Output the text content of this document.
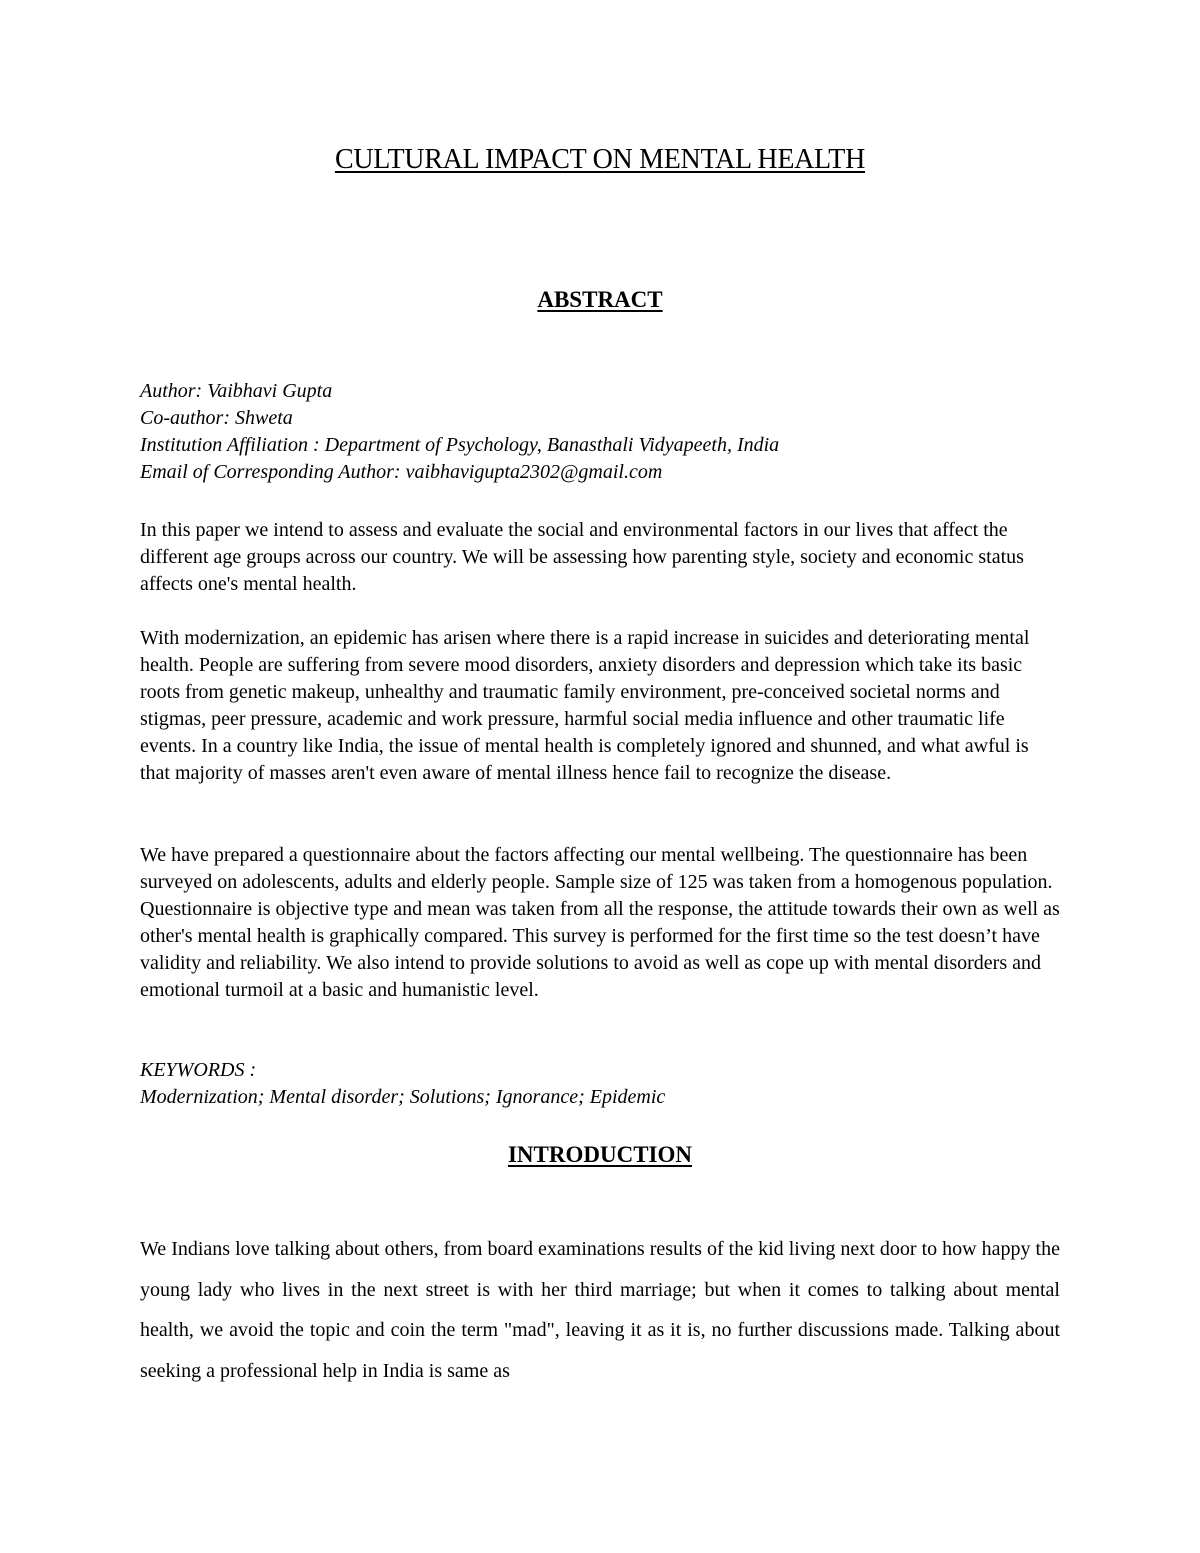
CULTURAL IMPACT ON MENTAL HEALTH
ABSTRACT
Author: Vaibhavi Gupta
Co-author: Shweta
Institution Affiliation : Department of Psychology, Banasthali Vidyapeeth, India
Email of Corresponding Author: vaibhavigupta2302@gmail.com

In this paper we intend to assess and evaluate the social and environmental factors in our lives that affect the different age groups across our country. We will be assessing how parenting style, society and economic status affects one's mental health.

With modernization, an epidemic has arisen where there is a rapid increase in suicides and deteriorating mental health. People are suffering from severe mood disorders, anxiety disorders and depression which take its basic roots from genetic makeup, unhealthy and traumatic family environment, pre-conceived societal norms and stigmas, peer pressure, academic and work pressure, harmful social media influence and other traumatic life events. In a country like India, the issue of mental health is completely ignored and shunned, and what awful is that majority of masses aren't even aware of mental illness hence fail to recognize the disease.

We have prepared a questionnaire about the factors affecting our mental wellbeing. The questionnaire has been surveyed on adolescents, adults and elderly people. Sample size of 125 was taken from a homogenous population. Questionnaire is objective type and mean was taken from all the response, the attitude towards their own as well as other's mental health is graphically compared. This survey is performed for the first time so the test doesn’t have validity and reliability. We also intend to provide solutions to avoid as well as cope up with mental disorders and emotional turmoil at a basic and humanistic level.

KEYWORDS :
Modernization; Mental disorder; Solutions; Ignorance; Epidemic
INTRODUCTION

We Indians love talking about others, from board examinations results of the kid living next door to how happy the young lady who lives in the next street is with her third marriage; but when it comes to talking about mental health, we avoid the topic and coin the term "mad", leaving it as it is, no further discussions made. Talking about seeking a professional help in India is same as
